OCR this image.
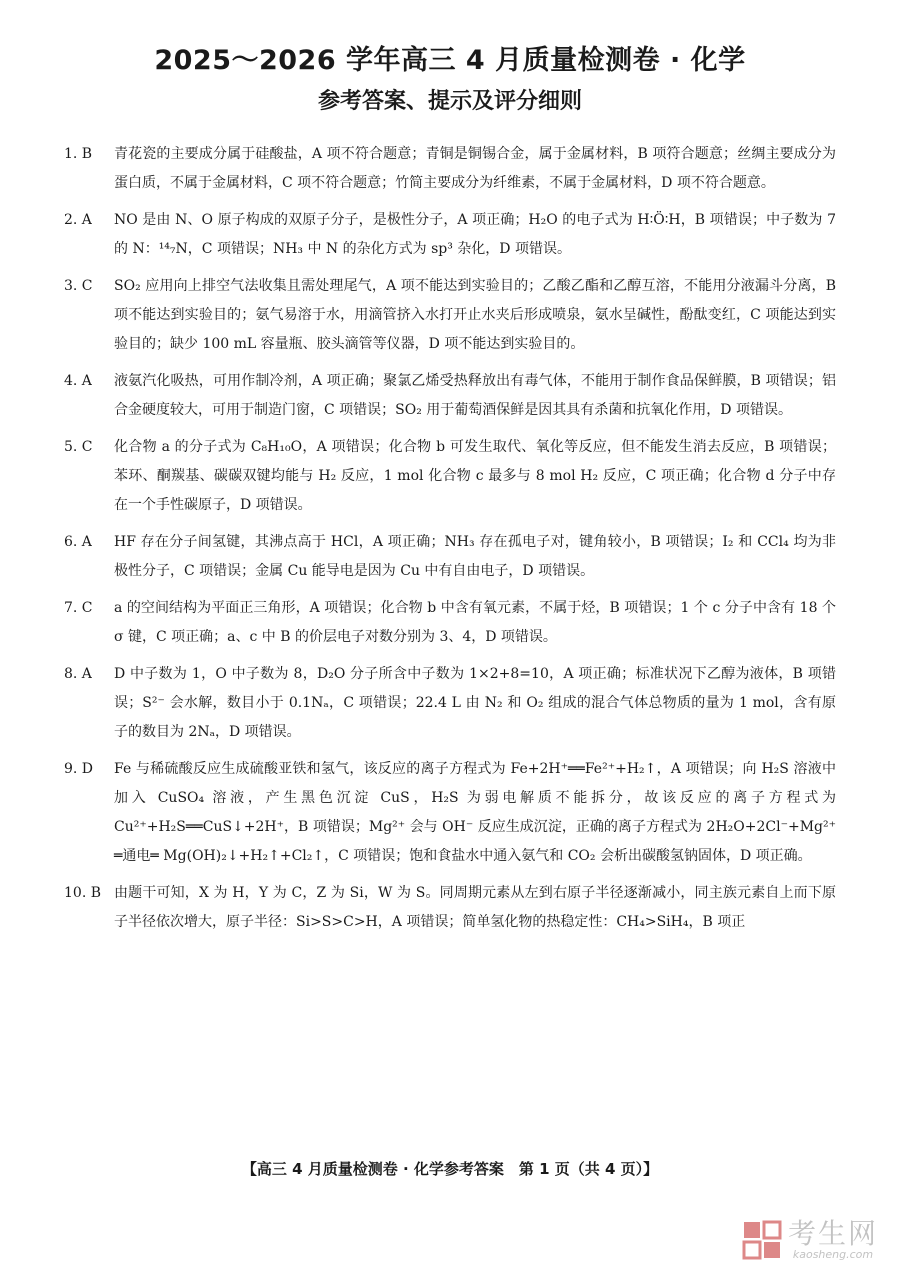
2025～2026 学年高三 4 月质量检测卷 · 化学
参考答案、提示及评分细则
1. B	青花瓷的主要成分属于硅酸盐，A 项不符合题意；青铜是铜锡合金，属于金属材料，B 项符合题意；丝绸主要成分为蛋白质，不属于金属材料，C 项不符合题意；竹简主要成分为纤维素，不属于金属材料，D 项不符合题意。
2. A	NO 是由 N、O 原子构成的双原子分子，是极性分子，A 项正确；H₂O 的电子式为 H∶Ö∶H，B 项错误；中子数为 7 的 N：¹⁴₇N，C 项错误；NH₃ 中 N 的杂化方式为 sp³ 杂化，D 项错误。
3. C	SO₂ 应用向上排空气法收集且需处理尾气，A 项不能达到实验目的；乙酸乙酯和乙醇互溶，不能用分液漏斗分离，B 项不能达到实验目的；氨气易溶于水，用滴管挤入水打开止水夹后形成喷泉，氨水呈碱性，酚酞变红，C 项能达到实验目的；缺少 100 mL 容量瓶、胶头滴管等仪器，D 项不能达到实验目的。
4. A	液氨汽化吸热，可用作制冷剂，A 项正确；聚氯乙烯受热释放出有毒气体，不能用于制作食品保鲜膜，B 项错误；铝合金硬度较大，可用于制造门窗，C 项错误；SO₂ 用于葡萄酒保鲜是因其具有杀菌和抗氧化作用，D 项错误。
5. C	化合物 a 的分子式为 C₈H₁₀O，A 项错误；化合物 b 可发生取代、氧化等反应，但不能发生消去反应，B 项错误；苯环、酮羰基、碳碳双键均能与 H₂ 反应，1 mol 化合物 c 最多与 8 mol H₂ 反应，C 项正确；化合物 d 分子中存在一个手性碳原子，D 项错误。
6. A	HF 存在分子间氢键，其沸点高于 HCl，A 项正确；NH₃ 存在孤电子对，键角较小，B 项错误；I₂ 和 CCl₄ 均为非极性分子，C 项错误；金属 Cu 能导电是因为 Cu 中有自由电子，D 项错误。
7. C	a 的空间结构为平面正三角形，A 项错误；化合物 b 中含有氧元素，不属于烃，B 项错误；1 个 c 分子中含有 18 个 σ 键，C 项正确；a、c 中 B 的价层电子对数分别为 3、4，D 项错误。
8. A	D 中子数为 1，O 中子数为 8，D₂O 分子所含中子数为 1×2+8=10，A 项正确；标准状况下乙醇为液体，B 项错误；S²⁻ 会水解，数目小于 0.1Nₐ，C 项错误；22.4 L 由 N₂ 和 O₂ 组成的混合气体总物质的量为 1 mol，含有原子的数目为 2Nₐ，D 项错误。
9. D	Fe 与稀硫酸反应生成硫酸亚铁和氢气，该反应的离子方程式为 Fe+2H⁺══Fe²⁺+H₂↑，A 项错误；向 H₂S 溶液中加入 CuSO₄ 溶液，产生黑色沉淀 CuS，H₂S 为弱电解质不能拆分，故该反应的离子方程式为 Cu²⁺+H₂S══CuS↓+2H⁺，B 项错误；Mg²⁺ 会与 OH⁻ 反应生成沉淀，正确的离子方程式为 2H₂O+2Cl⁻+Mg²⁺ ═通电═ Mg(OH)₂↓+H₂↑+Cl₂↑，C 项错误；饱和食盐水中通入氨气和 CO₂ 会析出碳酸氢钠固体，D 项正确。
10. B 由题干可知，X 为 H，Y 为 C，Z 为 Si，W 为 S。同周期元素从左到右原子半径逐渐减小，同主族元素自上而下原子半径依次增大，原子半径：Si>S>C>H，A 项错误；简单氢化物的热稳定性：CH₄>SiH₄，B 项正
【高三 4 月质量检测卷 · 化学参考答案　第 1 页（共 4 页）】
考生网
kaosheng.com
